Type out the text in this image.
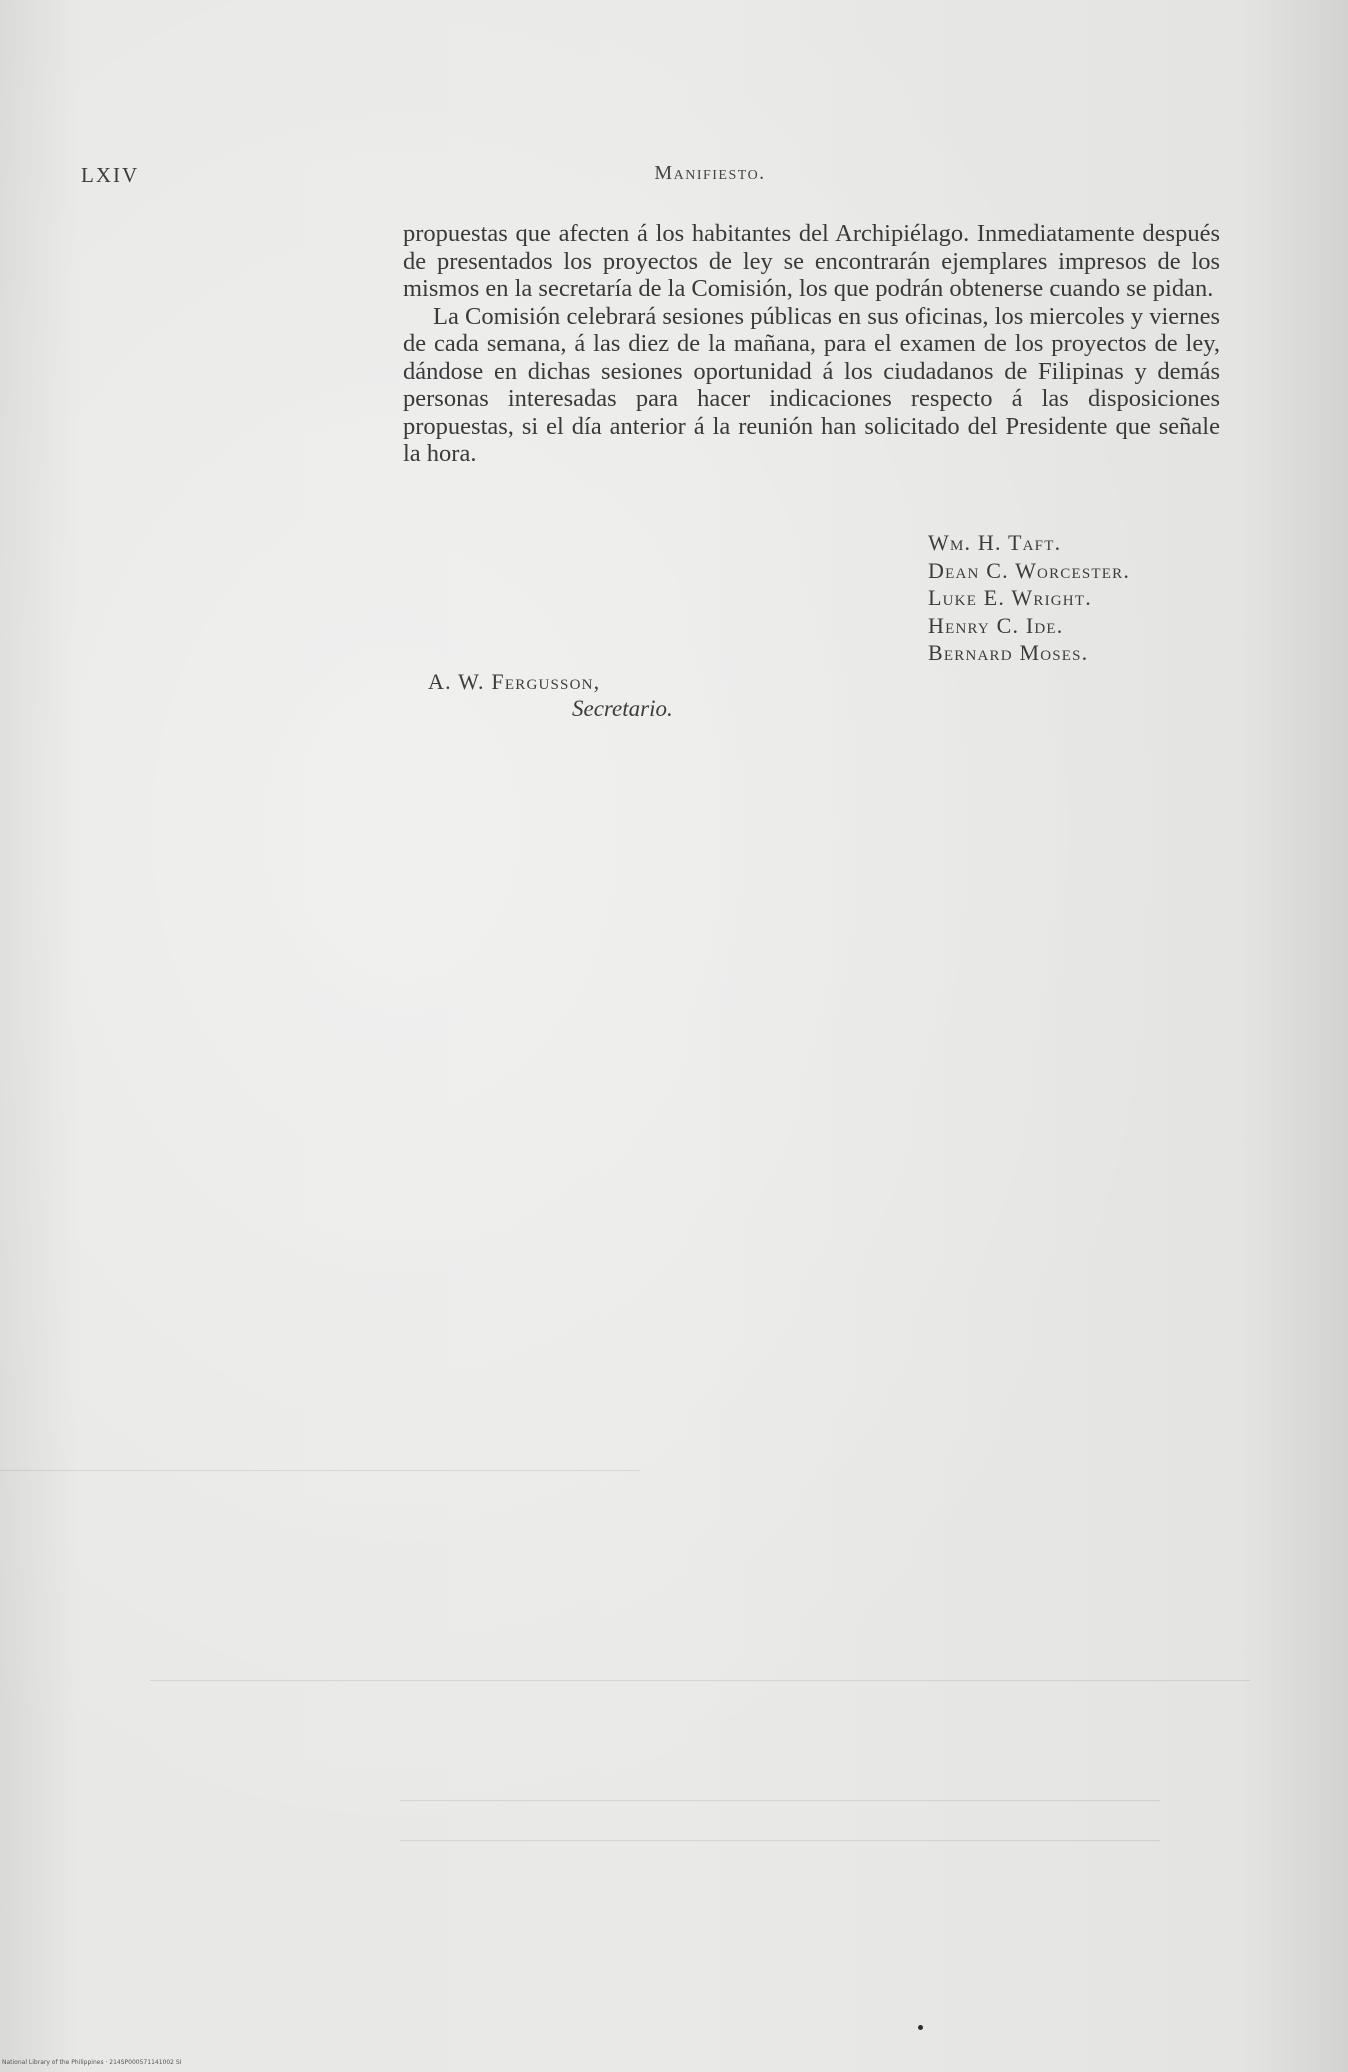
LXIV	Manifiesto.

propuestas que afecten á los habitantes del Archipiélago. Inmediatamente después de presentados los proyectos de ley se encontrarán ejemplares impresos de los mismos en la secretaría de la Comisión, los que podrán obtenerse cuando se pidan.

La Comisión celebrará sesiones públicas en sus oficinas, los miercoles y viernes de cada semana, á las diez de la mañana, para el examen de los proyectos de ley, dándose en dichas sesiones oportunidad á los ciudadanos de Filipinas y demás personas interesadas para hacer indicaciones respecto á las disposiciones propuestas, si el día anterior á la reunión han solicitado del Presidente que señale la hora.

Wm. H. Taft.
Dean C. Worcester.
Luke E. Wright.
Henry C. Ide.
Bernard Moses.
A. W. Fergusson,
Secretario.
National Library of the Philippines · 214SP000571141002 SI
